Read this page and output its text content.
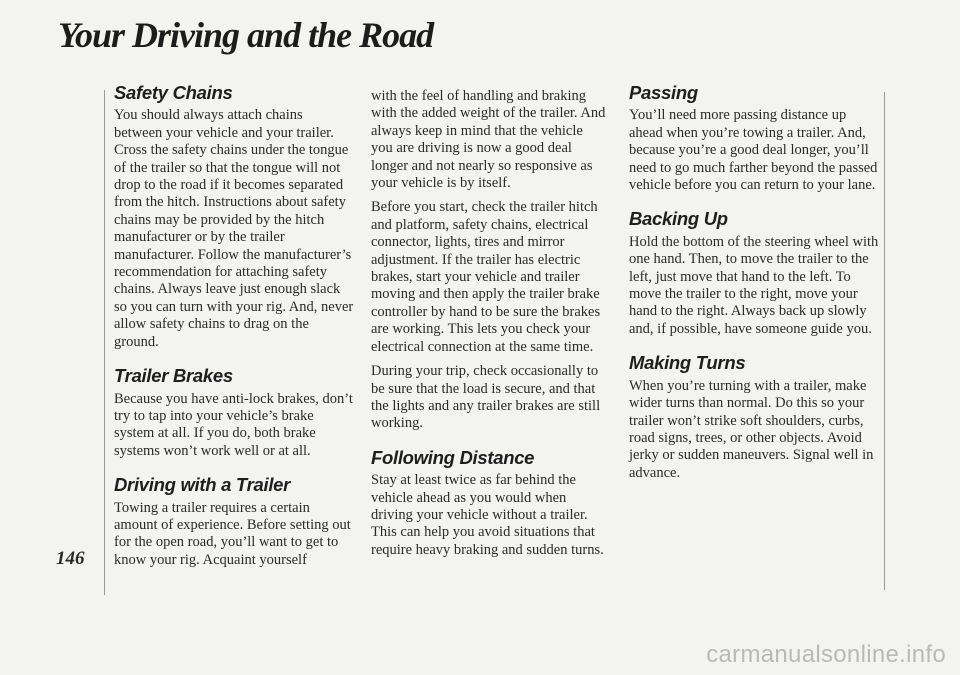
Your Driving and the Road
Safety Chains

You should always attach chains between your vehicle and your trailer. Cross the safety chains under the tongue of the trailer so that the tongue will not drop to the road if it becomes separated from the hitch. Instructions about safety chains may be provided by the hitch manufacturer or by the trailer manufacturer. Follow the manufacturer’s recommendation for attaching safety chains. Always leave just enough slack so you can turn with your rig. And, never allow safety chains to drag on the ground.

Trailer Brakes

Because you have anti-lock brakes, don’t try to tap into your vehicle’s brake system at all. If you do, both brake systems won’t work well or at all.

Driving with a Trailer

Towing a trailer requires a certain amount of experience. Before setting out for the open road, you’ll want to get to know your rig. Acquaint yourself

with the feel of handling and braking with the added weight of the trailer. And always keep in mind that the vehicle you are driving is now a good deal longer and not nearly so responsive as your vehicle is by itself.

Before you start, check the trailer hitch and platform, safety chains, electrical connector, lights, tires and mirror adjustment. If the trailer has electric brakes, start your vehicle and trailer moving and then apply the trailer brake controller by hand to be sure the brakes are working. This lets you check your electrical connection at the same time.

During your trip, check occasionally to be sure that the load is secure, and that the lights and any trailer brakes are still working.

Following Distance

Stay at least twice as far behind the vehicle ahead as you would when driving your vehicle without a trailer. This can help you avoid situations that require heavy braking and sudden turns.

Passing

You’ll need more passing distance up ahead when you’re towing a trailer. And, because you’re a good deal longer, you’ll need to go much farther beyond the passed vehicle before you can return to your lane.

Backing Up

Hold the bottom of the steering wheel with one hand. Then, to move the trailer to the left, just move that hand to the left. To move the trailer to the right, move your hand to the right. Always back up slowly and, if possible, have someone guide you.

Making Turns

When you’re turning with a trailer, make wider turns than normal. Do this so your trailer won’t strike soft shoulders, curbs, road signs, trees, or other objects. Avoid jerky or sudden maneuvers. Signal well in advance.

146
carmanualsonline.info
